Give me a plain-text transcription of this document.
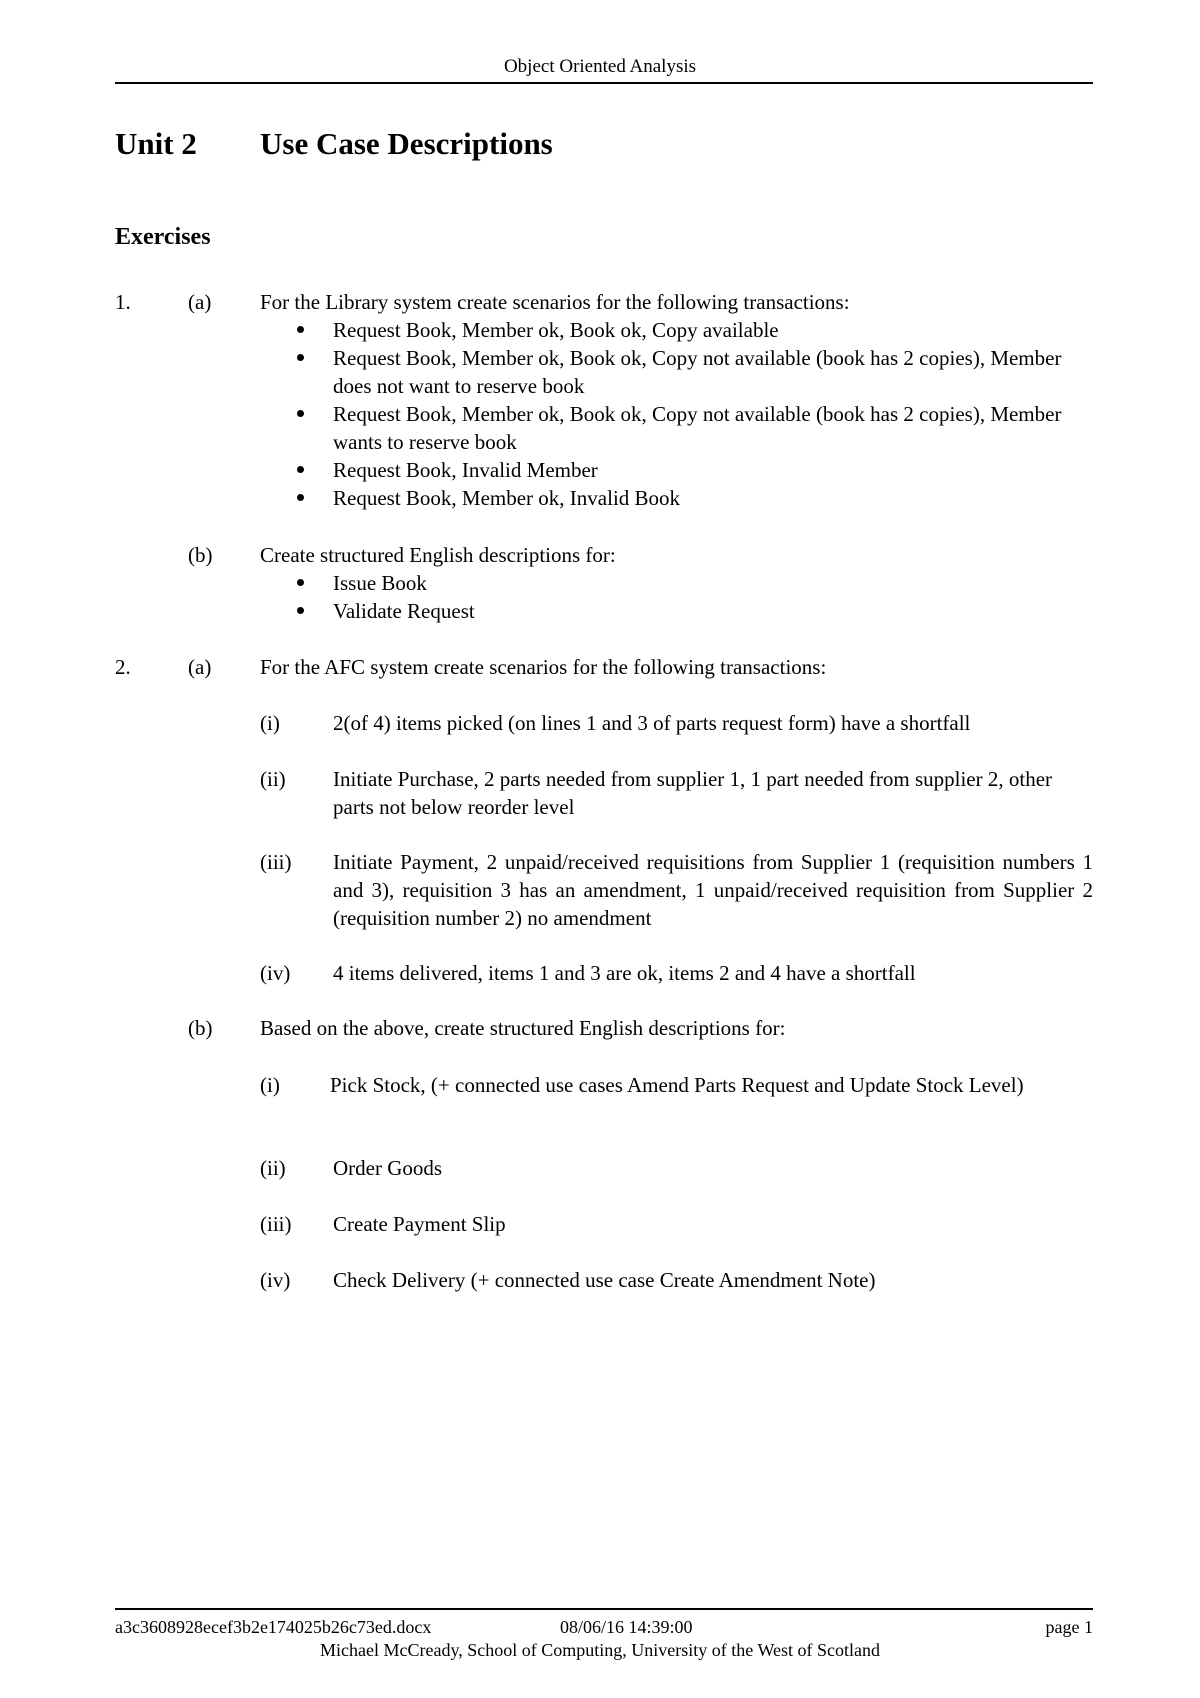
Object Oriented Analysis
Unit 2 Use Case Descriptions
Exercises
1.	(a) For the Library system create scenarios for the following transactions:
Request Book, Member ok, Book ok, Copy available
Request Book, Member ok, Book ok, Copy not available (book has 2 copies), Member does not want to reserve book
Request Book, Member ok, Book ok, Copy not available (book has 2 copies), Member wants to reserve book
Request Book, Invalid Member
Request Book, Member ok, Invalid Book
(b) Create structured English descriptions for:
Issue Book
Validate Request
2.	(a) For the AFC system create scenarios for the following transactions:
(i)	2(of 4) items picked (on lines 1 and 3 of parts request form) have a shortfall
(ii) Initiate Purchase, 2 parts needed from supplier 1, 1 part needed from supplier 2, other parts not below reorder level
(iii) Initiate Payment, 2 unpaid/received requisitions from Supplier 1 (requisition numbers 1 and 3), requisition 3 has an amendment, 1 unpaid/received requisition from Supplier 2 (requisition number 2) no amendment
(iv) 4 items delivered, items 1 and 3 are ok, items 2 and 4 have a shortfall
(b) Based on the above, create structured English descriptions for:
(i) Pick Stock, (+ connected use cases Amend Parts Request and Update Stock Level)
(ii) Order Goods
(iii) Create Payment Slip
(iv) Check Delivery (+ connected use case Create Amendment Note)
a3c3608928ecef3b2e174025b26c73ed.docx	08/06/16 14:39:00	page 1
Michael McCready, School of Computing, University of the West of Scotland
